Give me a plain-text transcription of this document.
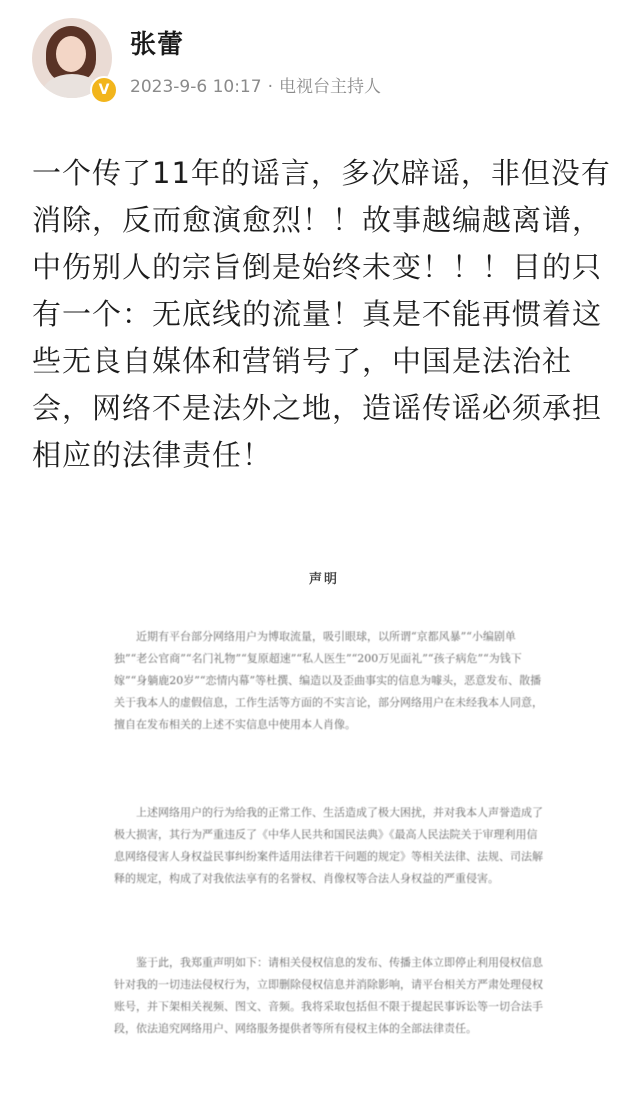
V
张蕾
2023-9-6 10:17 · 电视台主持人

一个传了11年的谣言，多次辟谣，非但没有消除，反而愈演愈烈！！故事越编越离谱，中伤别人的宗旨倒是始终未变！！！目的只有一个：无底线的流量！真是不能再惯着这些无良自媒体和营销号了，中国是法治社会，网络不是法外之地，造谣传谣必须承担相应的法律责任！

声明

近期有平台部分网络用户为博取流量，吸引眼球，以所谓“京都风暴”“小编剧单独”“老公官商”“名门礼物”“复原超速”“私人医生”“200万见面礼”“孩子病危”“为钱下嫁”“身躺鹿20岁”“恋情内幕”等杜撰、编造以及歪曲事实的信息为噱头，恶意发布、散播关于我本人的虚假信息，工作生活等方面的不实言论，部分网络用户在未经我本人同意，擅自在发布相关的上述不实信息中使用本人肖像。

上述网络用户的行为给我的正常工作、生活造成了极大困扰，并对我本人声誉造成了极大损害，其行为严重违反了《中华人民共和国民法典》《最高人民法院关于审理利用信息网络侵害人身权益民事纠纷案件适用法律若干问题的规定》等相关法律、法规、司法解释的规定，构成了对我依法享有的名誉权、肖像权等合法人身权益的严重侵害。

鉴于此，我郑重声明如下：请相关侵权信息的发布、传播主体立即停止利用侵权信息针对我的一切违法侵权行为，立即删除侵权信息并消除影响，请平台相关方严肃处理侵权账号，并下架相关视频、图文、音频。我将采取包括但不限于提起民事诉讼等一切合法手段，依法追究网络用户、网络服务提供者等所有侵权主体的全部法律责任。
